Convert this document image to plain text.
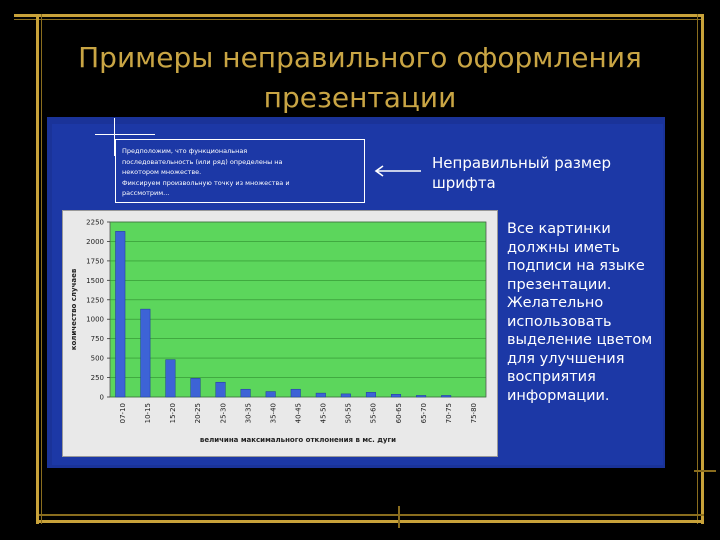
Примеры неправильного оформления презентации
Предположим, что функциональная
последовательность (или ряд) определены на
некотором множестве.
Фиксируем произвольную точку из множества и
рассмотрим...
Неправильный размер шрифта
Все картинки
должны иметь
подписи на языке
презентации.
Желательно
использовать
выделение цветом
для улучшения
восприятия
информации.
0
250
500
750
1000
1250
1500
1750
2000
2250
07-10 10-15 15-20 20-25 25-30 30-35 35-40 40-45 45-50 50-55 55-60 60-65 65-70 70-75 75-80
величина максимального отклонения в мс. дуги
количество случаев
